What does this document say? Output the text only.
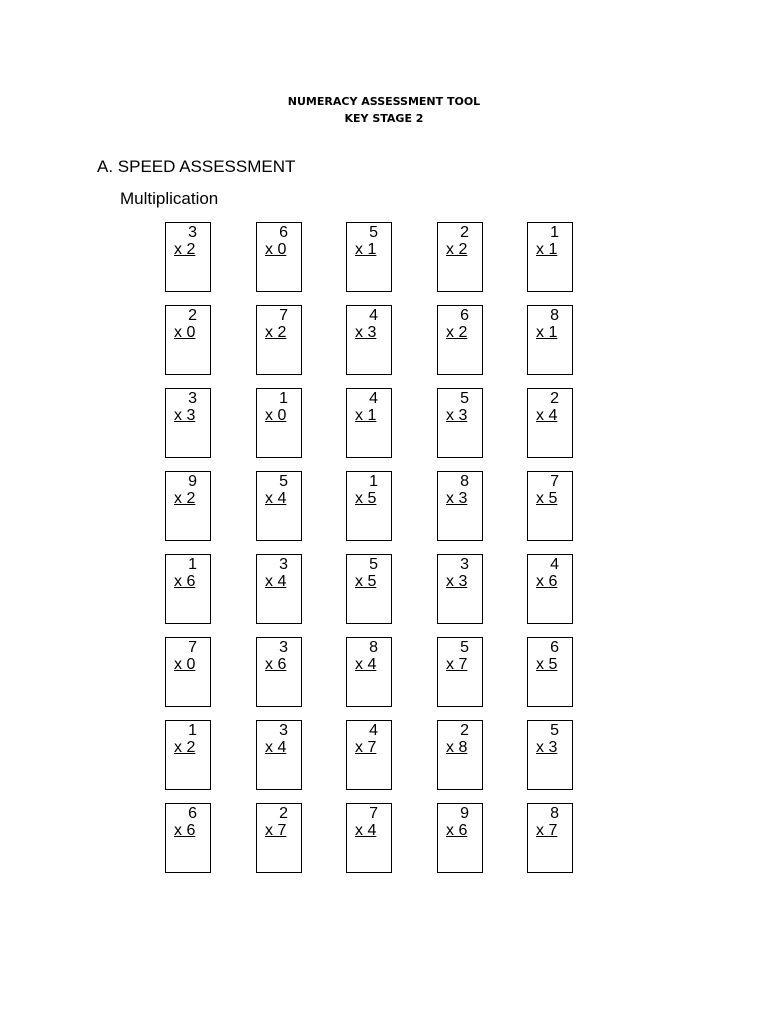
NUMERACY ASSESSMENT TOOL
KEY STAGE 2
A. SPEED ASSESSMENT
Multiplication
3
x 2
6
x 0
5
x 1
2
x 2
1
x 1
2
x 0
7
x 2
4
x 3
6
x 2
8
x 1
3
x 3
1
x 0
4
x 1
5
x 3
2
x 4
9
x 2
5
x 4
1
x 5
8
x 3
7
x 5
1
x 6
3
x 4
5
x 5
3
x 3
4
x 6
7
x 0
3
x 6
8
x 4
5
x 7
6
x 5
1
x 2
3
x 4
4
x 7
2
x 8
5
x 3
6
x 6
2
x 7
7
x 4
9
x 6
8
x 7
